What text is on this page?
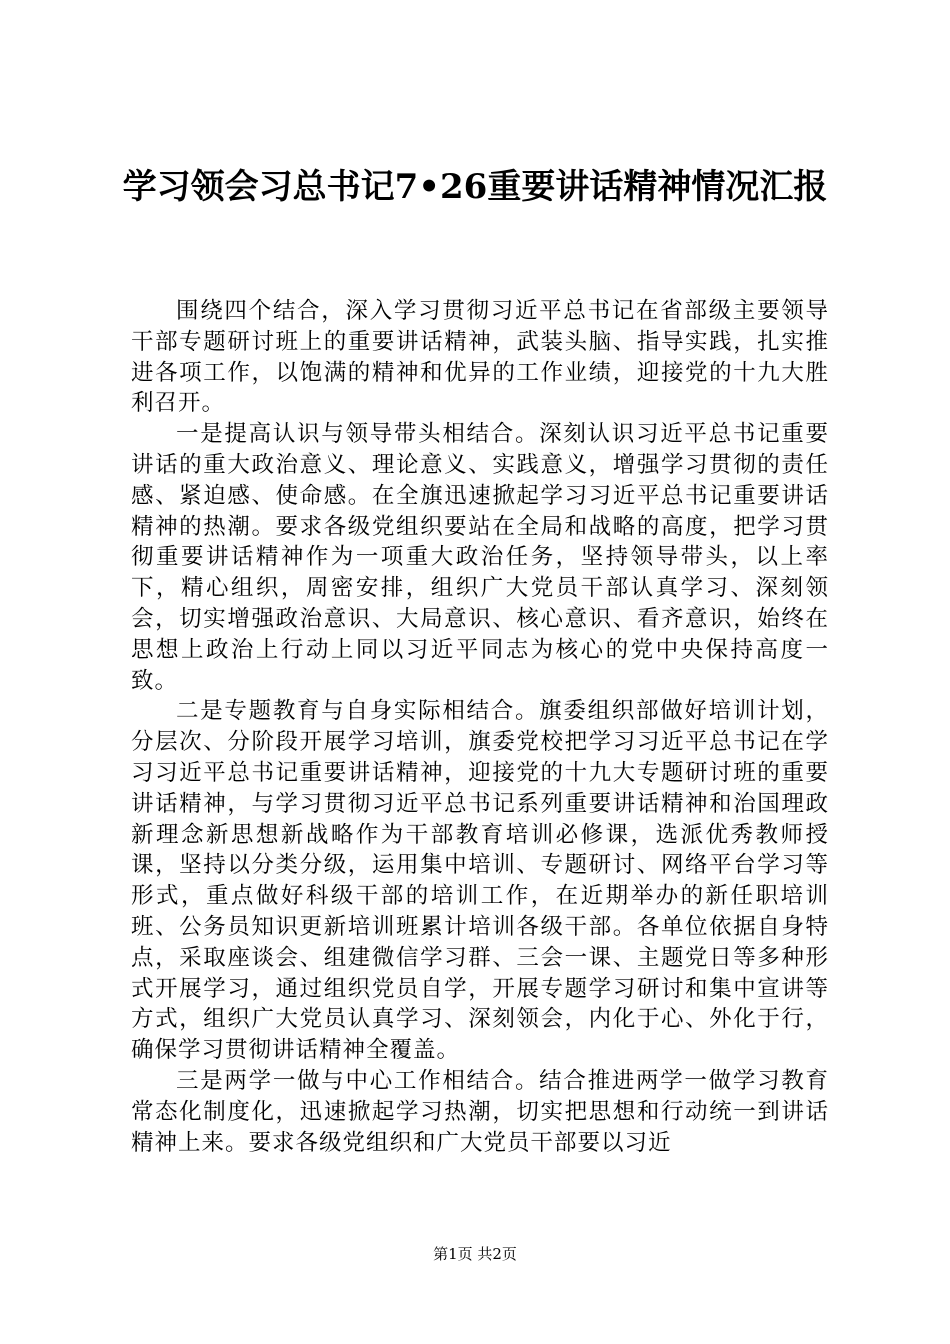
学习领会习总书记7•26重要讲话精神情况汇报

围绕四个结合，深入学习贯彻习近平总书记在省部级主要领导干部专题研讨班上的重要讲话精神，武装头脑、指导实践，扎实推进各项工作，以饱满的精神和优异的工作业绩，迎接党的十九大胜利召开。

一是提高认识与领导带头相结合。深刻认识习近平总书记重要讲话的重大政治意义、理论意义、实践意义，增强学习贯彻的责任感、紧迫感、使命感。在全旗迅速掀起学习习近平总书记重要讲话精神的热潮。要求各级党组织要站在全局和战略的高度，把学习贯彻重要讲话精神作为一项重大政治任务，坚持领导带头，以上率下，精心组织，周密安排，组织广大党员干部认真学习、深刻领会，切实增强政治意识、大局意识、核心意识、看齐意识，始终在思想上政治上行动上同以习近平同志为核心的党中央保持高度一致。

二是专题教育与自身实际相结合。旗委组织部做好培训计划，分层次、分阶段开展学习培训，旗委党校把学习习近平总书记在学习习近平总书记重要讲话精神，迎接党的十九大专题研讨班的重要讲话精神，与学习贯彻习近平总书记系列重要讲话精神和治国理政新理念新思想新战略作为干部教育培训必修课，选派优秀教师授课，坚持以分类分级，运用集中培训、专题研讨、网络平台学习等形式，重点做好科级干部的培训工作，在近期举办的新任职培训班、公务员知识更新培训班累计培训各级干部。各单位依据自身特点，采取座谈会、组建微信学习群、三会一课、主题党日等多种形式开展学习，通过组织党员自学，开展专题学习研讨和集中宣讲等方式，组织广大党员认真学习、深刻领会，内化于心、外化于行，确保学习贯彻讲话精神全覆盖。

三是两学一做与中心工作相结合。结合推进两学一做学习教育常态化制度化，迅速掀起学习热潮，切实把思想和行动统一到讲话精神上来。要求各级党组织和广大党员干部要以习近

第1页 共2页
